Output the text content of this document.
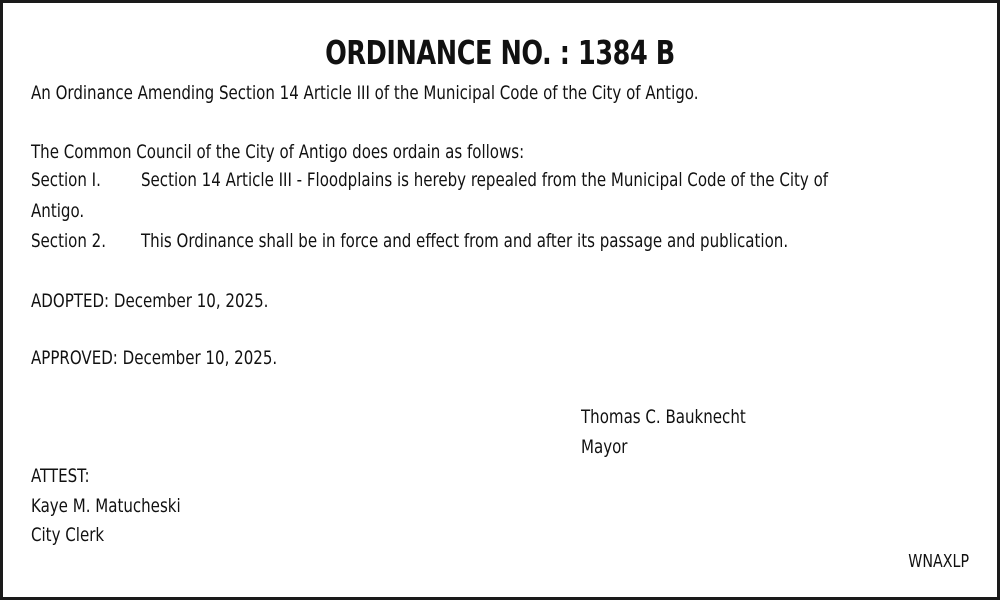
ORDINANCE NO. : 1384 B
An Ordinance Amending Section 14 Article III of the Municipal Code of the City of Antigo.
The Common Council of the City of Antigo does ordain as follows:
Section I. Section 14 Article III - Floodplains is hereby repealed from the Municipal Code of the City of
Antigo.
Section 2. This Ordinance shall be in force and effect from and after its passage and publication.
ADOPTED: December 10, 2025.
APPROVED: December 10, 2025.
Thomas C. Bauknecht
Mayor
ATTEST:
Kaye M. Matucheski
City Clerk
WNAXLP
